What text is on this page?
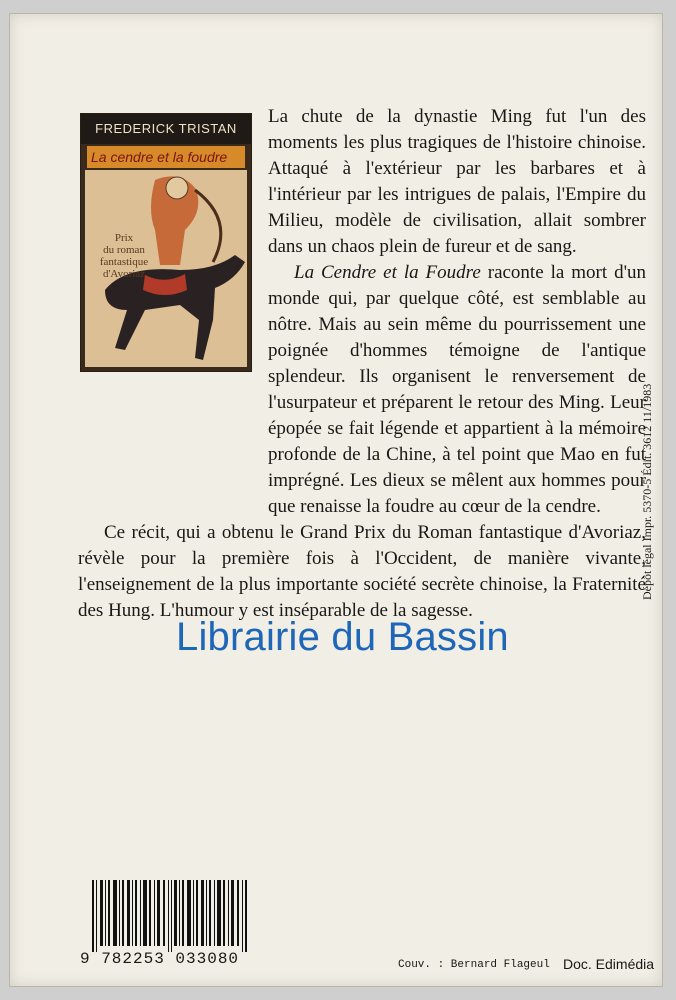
FREDERICK TRISTAN
La cendre et la foudre
Prix
du roman
fantastique
d'Avoriaz

La chute de la dynastie Ming fut l'un des moments les plus tragiques de l'histoire chinoise. Attaqué à l'extérieur par les barbares et à l'intérieur par les intrigues de palais, l'Empire du Milieu, modèle de civilisation, allait sombrer dans un chaos plein de fureur et de sang.

La Cendre et la Foudre raconte la mort d'un monde qui, par quelque côté, est semblable au nôtre. Mais au sein même du pourrissement une poignée d'hommes témoigne de l'antique splendeur. Ils organisent le renversement de l'usurpateur et préparent le retour des Ming. Leur épopée se fait légende et appartient à la mémoire profonde de la Chine, à tel point que Mao en fut imprégné. Les dieux se mêlent aux hommes pour que renaisse la foudre au cœur de la cendre.

Ce récit, qui a obtenu le Grand Prix du Roman fantastique d'Avoriaz, révèle pour la première fois à l'Occident, de manière vivante, l'enseignement de la plus importante société secrète chinoise, la Fraternité des Hung. L'humour y est inséparable de la sagesse.

Librairie du Bassin
Dépôt légal Impr. 5370-5 Édit. 3612 11/1983
9 782253 033080	Couv. : Bernard Flageul Doc. Edimédia
